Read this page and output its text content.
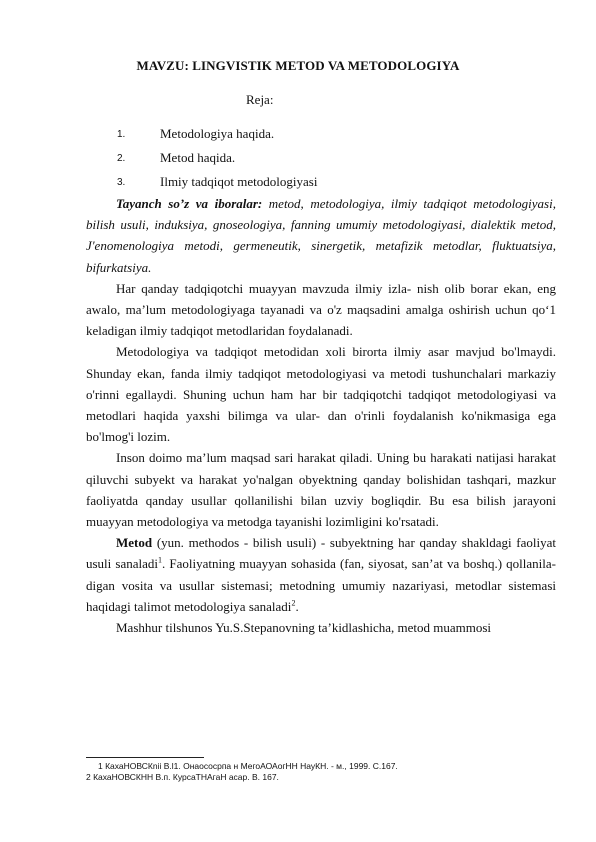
MAVZU: LINGVISTIK METOD VA METODOLOGIYA
Reja:
1.	Metodologiya haqida.
2.	Metod haqida.
3.	Ilmiy tadqiqot metodologiyasi

Tayanch so’z va iboralar: metod, metodologiya, ilmiy tadqiqot metodologiyasi, bilish usuli, induksiya, gnoseologiya, fanning umumiy metodologiyasi, dialektik metod, J'enomenologiya metodi, germeneutik, sinergetik, metafizik metodlar, fluktuatsiya, bifurkatsiya.

Har qanday tadqiqotchi muayyan mavzuda ilmiy izla- nish olib borar ekan, eng awalo, ma’lum metodologiyaga tayanadi va o'z maqsadini amalga oshirish uchun qo‘1 keladigan ilmiy tadqiqot metodlaridan foydalanadi.

Metodologiya va tadqiqot metodidan xoli birorta ilmiy asar mavjud bo'lmaydi. Shunday ekan, fanda ilmiy tadqiqot metodologiyasi va metodi tushunchalari markaziy o'rinni egallaydi. Shuning uchun ham har bir tadqiqotchi tadqiqot metodologiyasi va metodlari haqida yaxshi bilimga va ular- dan o'rinli foydalanish ko'nikmasiga ega bo'lmog'i lozim.

Inson doimo ma’lum maqsad sari harakat qiladi. Uning bu harakati natijasi harakat qiluvchi subyekt va harakat yo'nalgan obyektning qanday bolishidan tashqari, mazkur faoliyatda qanday usullar qollanilishi bilan uzviy bogliqdir. Bu esa bilish jarayoni muayyan metodologiya va metodga tayanishi lozimligini ko'rsatadi.

Metod (yun. methodos - bilish usuli) - subyektning har qanday shakldagi faoliyat usuli sanaladi$^1$. Faoliyatning muayyan sohasida (fan, siyosat, san’at va boshq.) qollanila- digan vosita va usullar sistemasi; metodning umumiy nazariyasi, metodlar sistemasi haqidagi talimot metodologiya sanaladi$^2$.

Mashhur tilshunos Yu.S.Stepanovning ta’kidlashicha, metod muammosi

1 КахаНОВСКnii В.l1. Онаocoсрпа н МегоАОАогНН НауКН. - м., 1999. С.167.
2 КахаНОВСКНН В.п. КурсаТНАгаН асар. В. 167.
